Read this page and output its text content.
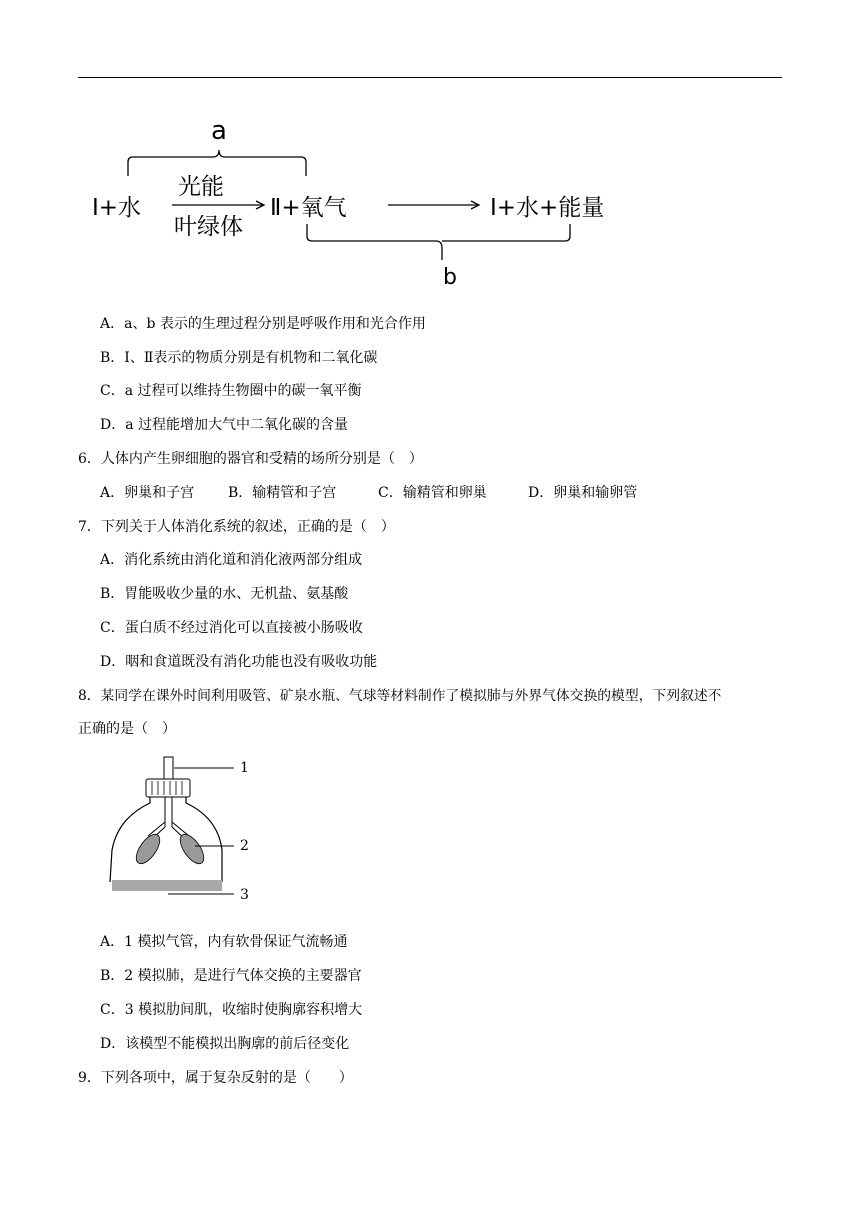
a
Ⅰ+水
光能
叶绿体
Ⅱ+氧气	Ⅰ+水+能量
b
A．a、b 表示的生理过程分别是呼吸作用和光合作用
B．Ⅰ、Ⅱ表示的物质分别是有机物和二氧化碳
C．a 过程可以维持生物圈中的碳一氧平衡
D．a 过程能增加大气中二氧化碳的含量
6．人体内产生卵细胞的器官和受精的场所分别是（　）
A．卵巢和子宫 B．输精管和子宫	C．输精管和卵巢	D．卵巢和输卵管
7．下列关于人体消化系统的叙述，正确的是（　）
A．消化系统由消化道和消化液两部分组成
B．胃能吸收少量的水、无机盐、氨基酸
C．蛋白质不经过消化可以直接被小肠吸收
D．咽和食道既没有消化功能也没有吸收功能
8．某同学在课外时间利用吸管、矿泉水瓶、气球等材料制作了模拟肺与外界气体交换的模型，下列叙述不
正确的是（　）
1
2
3
A．1 模拟气管，内有软骨保证气流畅通
B．2 模拟肺，是进行气体交换的主要器官
C．3 模拟肋间肌，收缩时使胸廓容积增大
D．该模型不能模拟出胸廓的前后径变化
9．下列各项中，属于复杂反射的是（　　）
